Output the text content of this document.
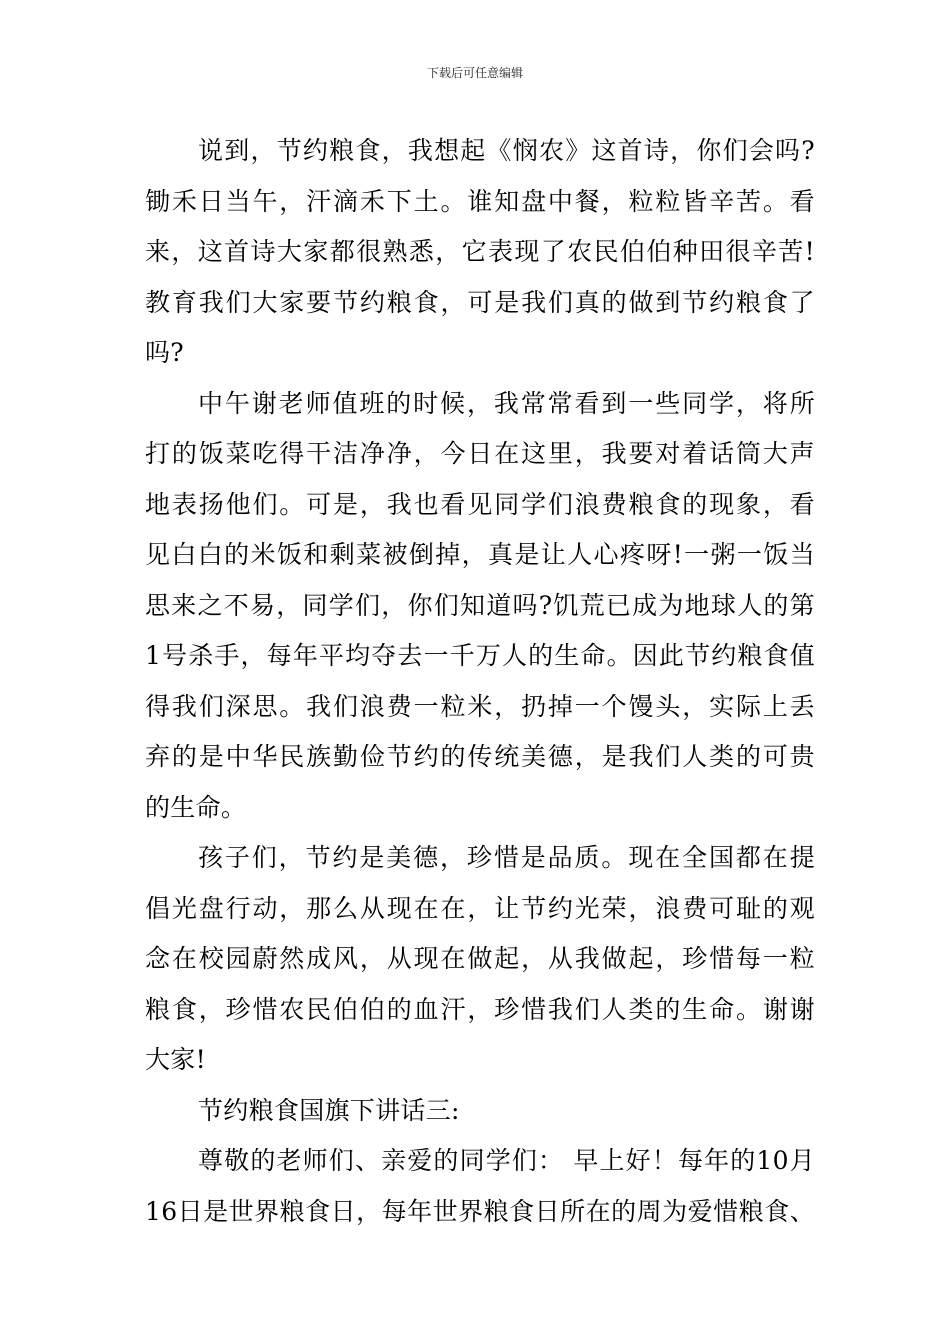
下载后可任意编辑
说到，节约粮食，我想起《悯农》这首诗，你们会吗?
锄禾日当午，汗滴禾下土。谁知盘中餐，粒粒皆辛苦。看
来，这首诗大家都很熟悉，它表现了农民伯伯种田很辛苦!
教育我们大家要节约粮食，可是我们真的做到节约粮食了
吗?
中午谢老师值班的时候，我常常看到一些同学，将所
打的饭菜吃得干洁净净，今日在这里，我要对着话筒大声
地表扬他们。可是，我也看见同学们浪费粮食的现象，看
见白白的米饭和剩菜被倒掉，真是让人心疼呀!一粥一饭当
思来之不易，同学们，你们知道吗?饥荒已成为地球人的第
1号杀手，每年平均夺去一千万人的生命。因此节约粮食值
得我们深思。我们浪费一粒米，扔掉一个馒头，实际上丢
弃的是中华民族勤俭节约的传统美德，是我们人类的可贵
的生命。
孩子们，节约是美德，珍惜是品质。现在全国都在提
倡光盘行动，那么从现在在，让节约光荣，浪费可耻的观
念在校园蔚然成风，从现在做起，从我做起，珍惜每一粒
粮食，珍惜农民伯伯的血汗，珍惜我们人类的生命。谢谢
大家!
节约粮食国旗下讲话三:
尊敬的老师们、亲爱的同学们： 早上好！每年的10月
16日是世界粮食日，每年世界粮食日所在的周为爱惜粮食、
